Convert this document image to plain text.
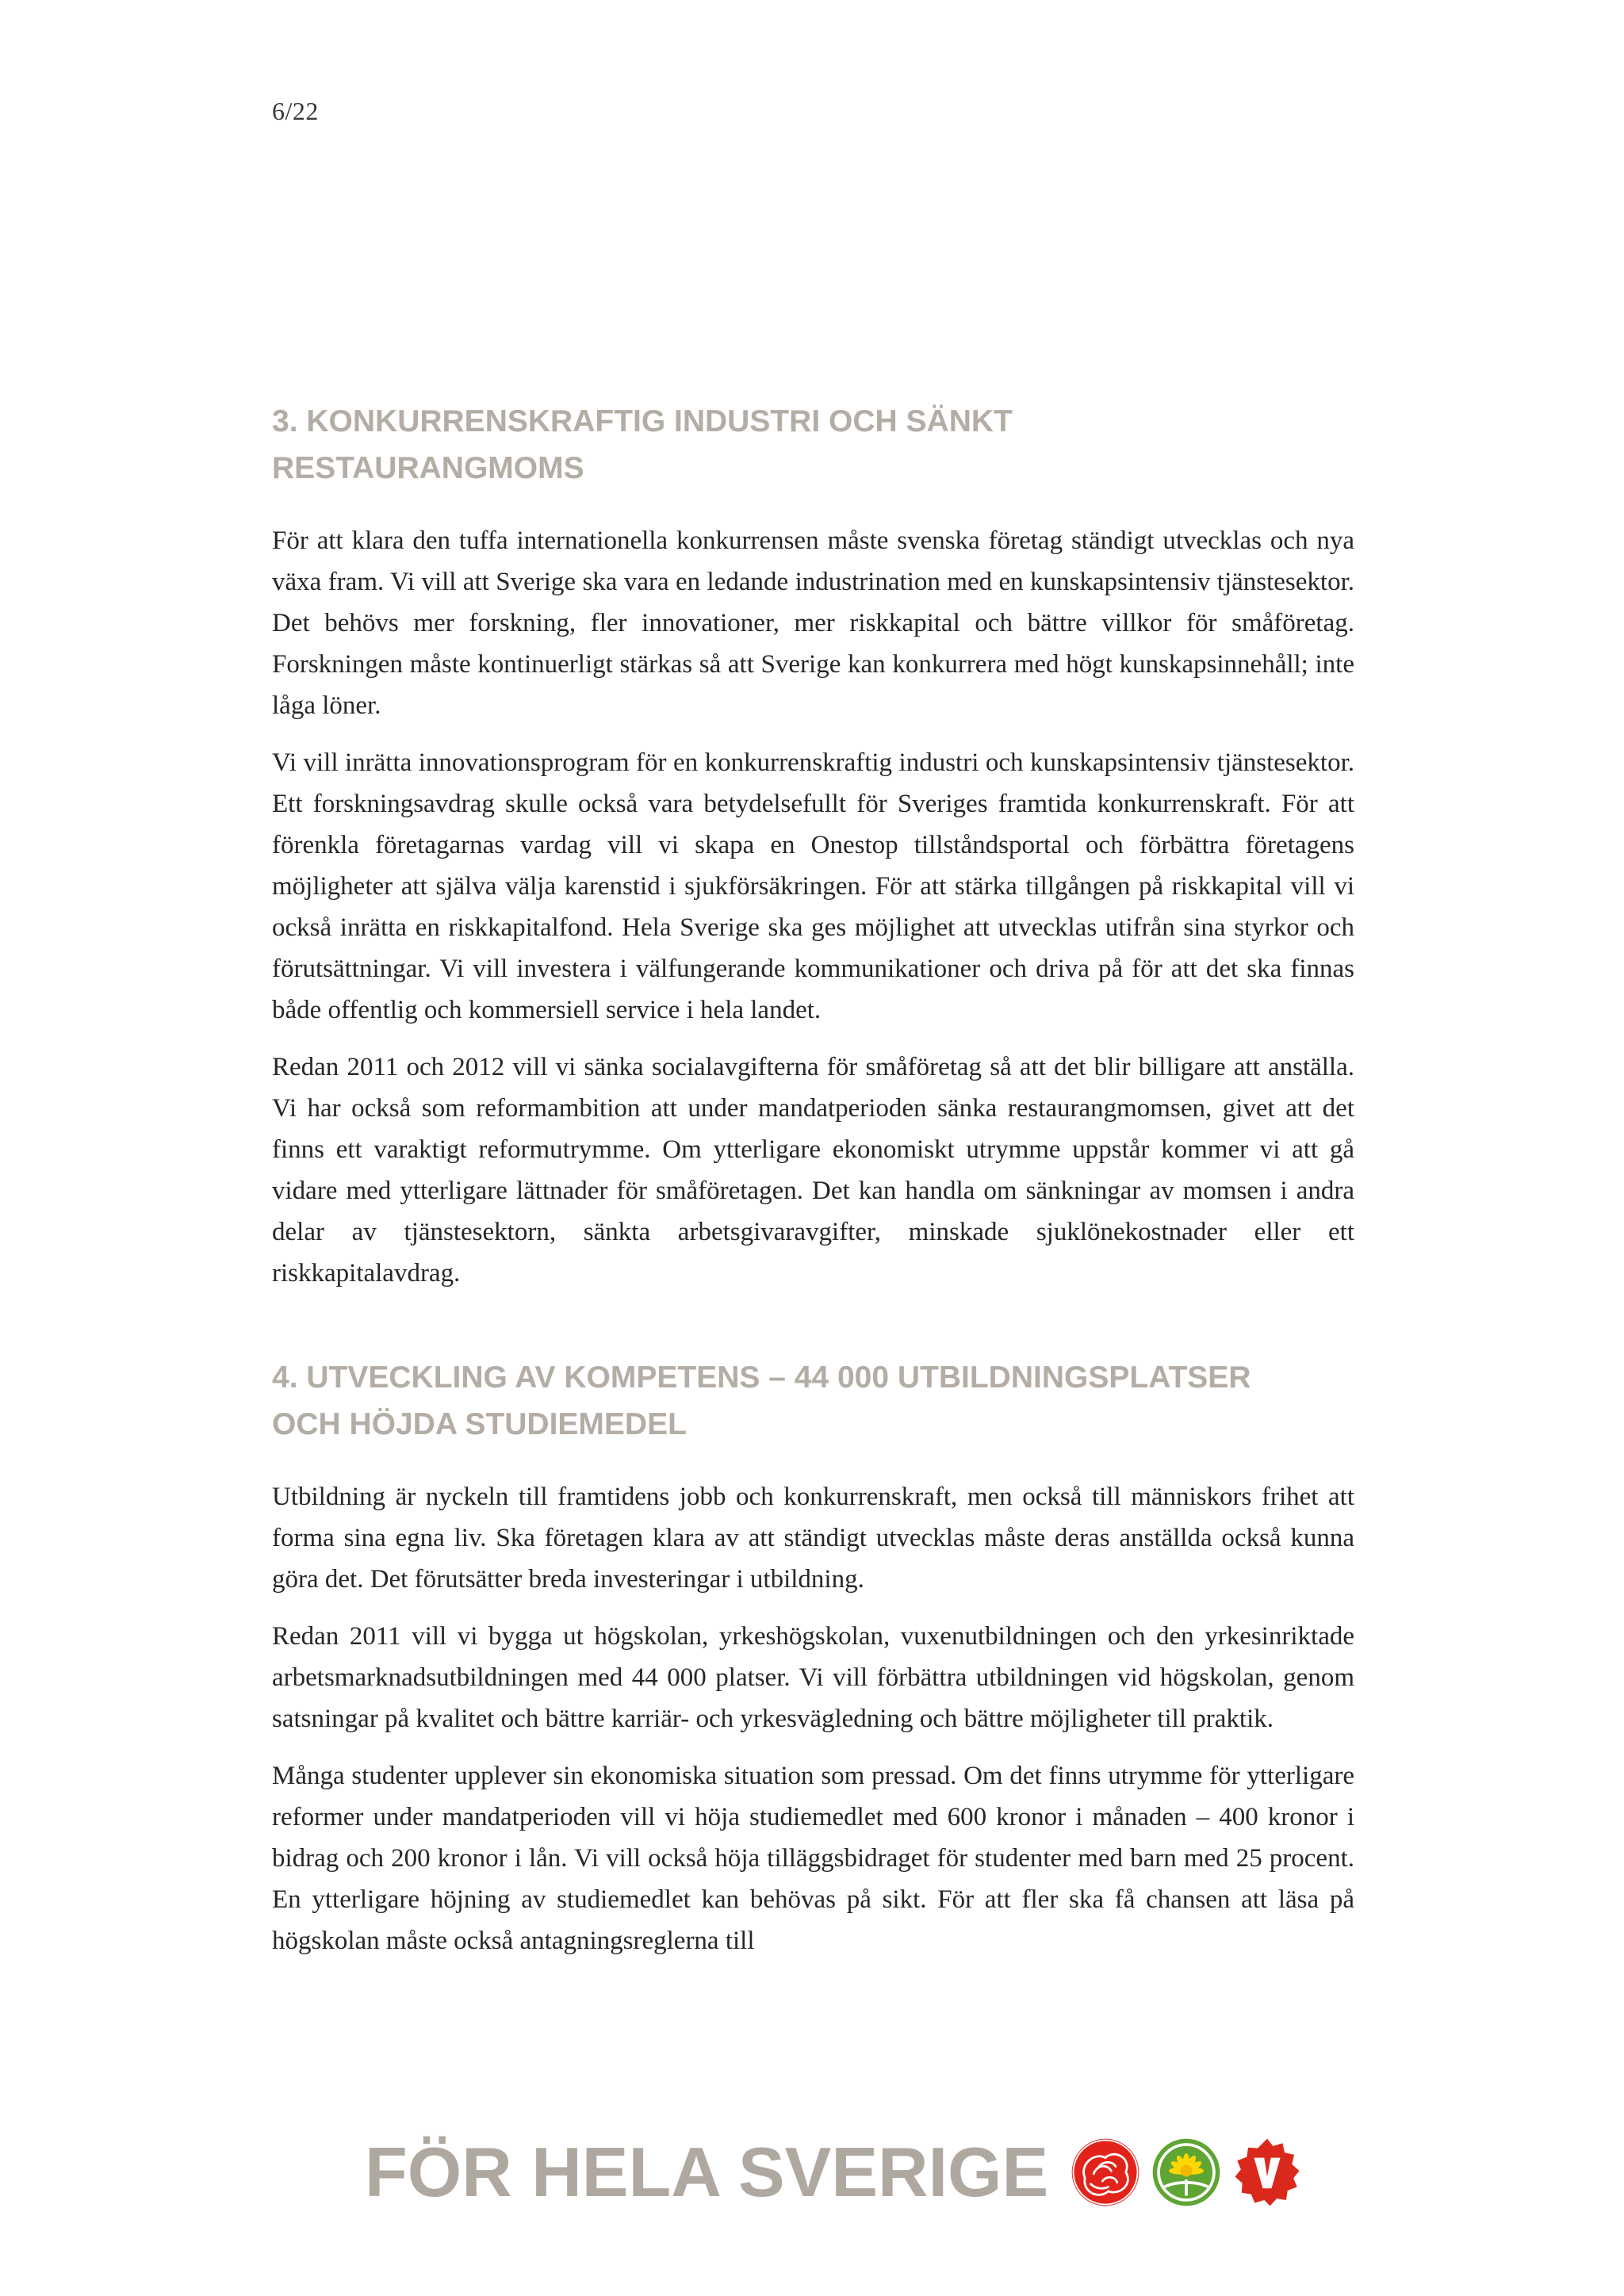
6/22
3. KONKURRENSKRAFTIG INDUSTRI OCH SÄNKT
RESTAURANGMOMS

För att klara den tuffa internationella konkurrensen måste svenska företag ständigt utvecklas och nya växa fram. Vi vill att Sverige ska vara en ledande industrination med en kunskapsintensiv tjänstesektor. Det behövs mer forskning, fler innovationer, mer riskkapital och bättre villkor för småföretag. Forskningen måste kontinuerligt stärkas så att Sverige kan konkurrera med högt kunskapsinnehåll; inte låga löner.

Vi vill inrätta innovationsprogram för en konkurrenskraftig industri och kunskapsintensiv tjänstesektor. Ett forskningsavdrag skulle också vara betydelsefullt för Sveriges framtida konkurrenskraft. För att förenkla företagarnas vardag vill vi skapa en Onestop tillståndsportal och förbättra företagens möjligheter att själva välja karenstid i sjukförsäkringen. För att stärka tillgången på riskkapital vill vi också inrätta en riskkapitalfond. Hela Sverige ska ges möjlighet att utvecklas utifrån sina styrkor och förutsättningar. Vi vill investera i välfungerande kommunikationer och driva på för att det ska finnas både offentlig och kommersiell service i hela landet.

Redan 2011 och 2012 vill vi sänka socialavgifterna för småföretag så att det blir billigare att anställa. Vi har också som reformambition att under mandatperioden sänka restaurangmomsen, givet att det finns ett varaktigt reformutrymme. Om ytterligare ekonomiskt utrymme uppstår kommer vi att gå vidare med ytterligare lättnader för småföretagen. Det kan handla om sänkningar av momsen i andra delar av tjänstesektorn, sänkta arbetsgivaravgifter, minskade sjuklönekostnader eller ett riskkapitalavdrag.

4. UTVECKLING AV KOMPETENS – 44 000 UTBILDNINGSPLATSER
OCH HÖJDA STUDIEMEDEL

Utbildning är nyckeln till framtidens jobb och konkurrenskraft, men också till människors frihet att forma sina egna liv. Ska företagen klara av att ständigt utvecklas måste deras anställda också kunna göra det. Det förutsätter breda investeringar i utbildning.

Redan 2011 vill vi bygga ut högskolan, yrkeshögskolan, vuxenutbildningen och den yrkesinriktade arbetsmarknadsutbildningen med 44 000 platser. Vi vill förbättra utbildningen vid högskolan, genom satsningar på kvalitet och bättre karriär- och yrkesvägledning och bättre möjligheter till praktik.

Många studenter upplever sin ekonomiska situation som pressad. Om det finns utrymme för ytterligare reformer under mandatperioden vill vi höja studiemedlet med 600 kronor i månaden – 400 kronor i bidrag och 200 kronor i lån. Vi vill också höja tilläggsbidraget för studenter med barn med 25 procent. En ytterligare höjning av studiemedlet kan behövas på sikt. För att fler ska få chansen att läsa på högskolan måste också antagningsreglerna till

FÖR HELA SVERIGE
